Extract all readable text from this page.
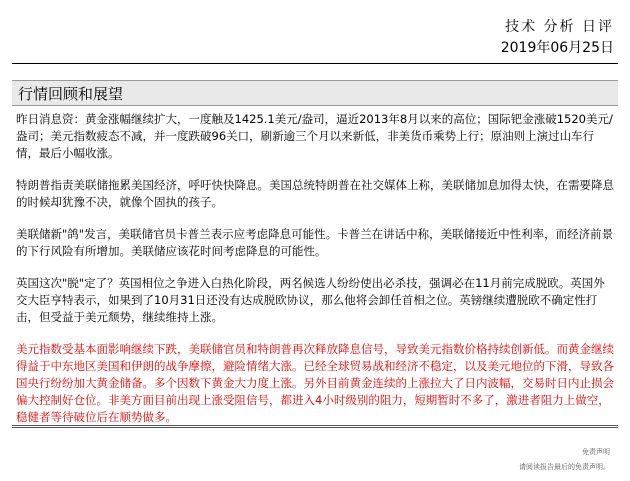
技术 分析 日评
2019年06月25日
行情回顾和展望

昨日消息资：黄金涨幅继续扩大，一度触及1425.1美元/盎司，逼近2013年8月以来的高位；国际钯金涨破1520美元/盎司；美元指数疲态不减，并一度跌破96关口，刷新逾三个月以来新低，非美货币乘势上行；原油则上演过山车行情，最后小幅收涨。

特朗普指责美联储拖累美国经济，呼吁快快降息。美国总统特朗普在社交媒体上称，美联储加息加得太快，在需要降息的时候却犹豫不决，就像个固执的孩子。

美联储新"鸽"发言，美联储官员卡普兰表示应考虑降息可能性。卡普兰在讲话中称，美联储接近中性利率，而经济前景的下行风险有所增加。美联储应该花时间考虑降息的可能性。

英国这次"脱"定了？英国相位之争进入白热化阶段，两名候选人纷纷使出必杀技，强调必在11月前完成脱欧。英国外交大臣亨特表示，如果到了10月31日还没有达成脱欧协议，那么他将会卸任首相之位。英镑继续遭脱欧不确定性打击，但受益于美元颓势，继续维持上涨。

美元指数受基本面影响继续下跌，美联储官员和特朗普再次释放降息信号，导致美元指数价格持续创新低。而黄金继续得益于中东地区美国和伊朗的战争摩擦，避险情绪大涨。已经全球贸易战和经济不稳定，以及美元地位的下滑，导致各国央行纷纷加大黄金储备。多个因数下黄金大力度上涨。另外目前黄金连续的上涨拉大了日内波幅，交易时日内止损会偏大控制好仓位。非美方面目前出现上涨受阻信号，都进入4小时级别的阻力，短期暂时不多了，激进者阻力上做空，稳健者等待破位后在顺势做多。

免责声明
请阅读报告最后的免责声明。
